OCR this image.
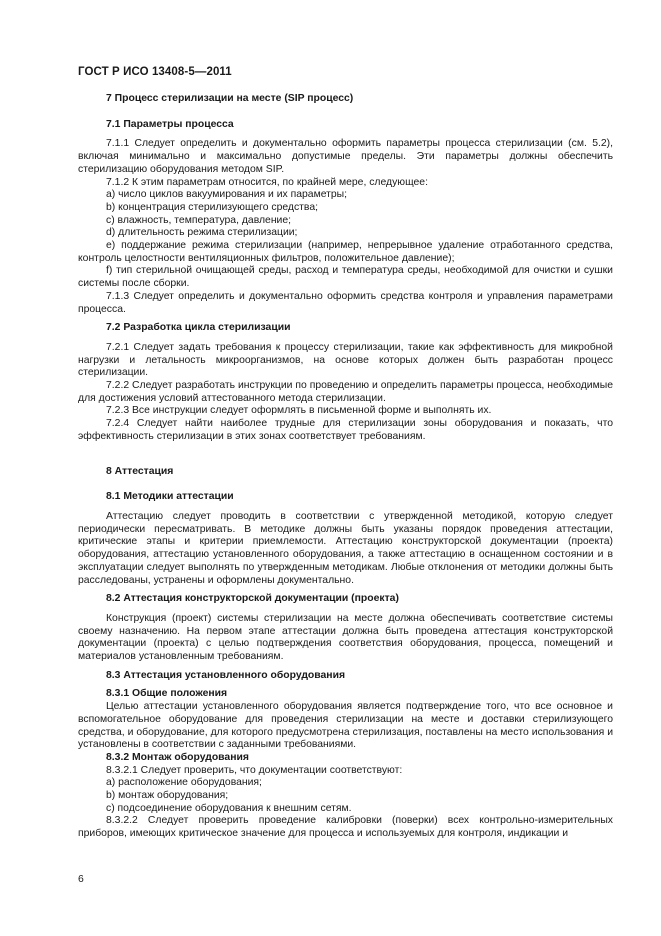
ГОСТ Р ИСО 13408-5—2011

7 Процесс стерилизации на месте (SIP процесс)

7.1 Параметры процесса

7.1.1 Следует определить и документально оформить параметры процесса стерилизации (см. 5.2), включая минимально и максимально допустимые пределы. Эти параметры должны обеспечить стерилизацию оборудования методом SIP.

7.1.2 К этим параметрам относится, по крайней мере, следующее:

a) число циклов вакуумирования и их параметры;

b) концентрация стерилизующего средства;

c) влажность, температура, давление;

d) длительность режима стерилизации;

e) поддержание режима стерилизации (например, непрерывное удаление отработанного средства, контроль целостности вентиляционных фильтров, положительное давление);

f) тип стерильной очищающей среды, расход и температура среды, необходимой для очистки и сушки системы после сборки.

7.1.3 Следует определить и документально оформить средства контроля и управления параметрами процесса.

7.2 Разработка цикла стерилизации

7.2.1 Следует задать требования к процессу стерилизации, такие как эффективность для микробной нагрузки и летальность микроорганизмов, на основе которых должен быть разработан процесс стерилизации.

7.2.2 Следует разработать инструкции по проведению и определить параметры процесса, необходимые для достижения условий аттестованного метода стерилизации.

7.2.3 Все инструкции следует оформлять в письменной форме и выполнять их.

7.2.4 Следует найти наиболее трудные для стерилизации зоны оборудования и показать, что эффективность стерилизации в этих зонах соответствует требованиям.

8 Аттестация

8.1 Методики аттестации

Аттестацию следует проводить в соответствии с утвержденной методикой, которую следует периодически пересматривать. В методике должны быть указаны порядок проведения аттестации, критические этапы и критерии приемлемости. Аттестацию конструкторской документации (проекта) оборудования, аттестацию установленного оборудования, а также аттестацию в оснащенном состоянии и в эксплуатации следует выполнять по утвержденным методикам. Любые отклонения от методики должны быть расследованы, устранены и оформлены документально.

8.2 Аттестация конструкторской документации (проекта)

Конструкция (проект) системы стерилизации на месте должна обеспечивать соответствие системы своему назначению. На первом этапе аттестации должна быть проведена аттестация конструкторской документации (проекта) с целью подтверждения соответствия оборудования, процесса, помещений и материалов установленным требованиям.

8.3 Аттестация установленного оборудования

8.3.1 Общие положения

Целью аттестации установленного оборудования является подтверждение того, что все основное и вспомогательное оборудование для проведения стерилизации на месте и доставки стерилизующего средства, и оборудование, для которого предусмотрена стерилизация, поставлены на место использования и установлены в соответствии с заданными требованиями.

8.3.2 Монтаж оборудования

8.3.2.1 Следует проверить, что документации соответствуют:

a) расположение оборудования;

b) монтаж оборудования;

c) подсоединение оборудования к внешним сетям.

8.3.2.2 Следует проверить проведение калибровки (поверки) всех контрольно-измерительных приборов, имеющих критическое значение для процесса и используемых для контроля, индикации и

6
